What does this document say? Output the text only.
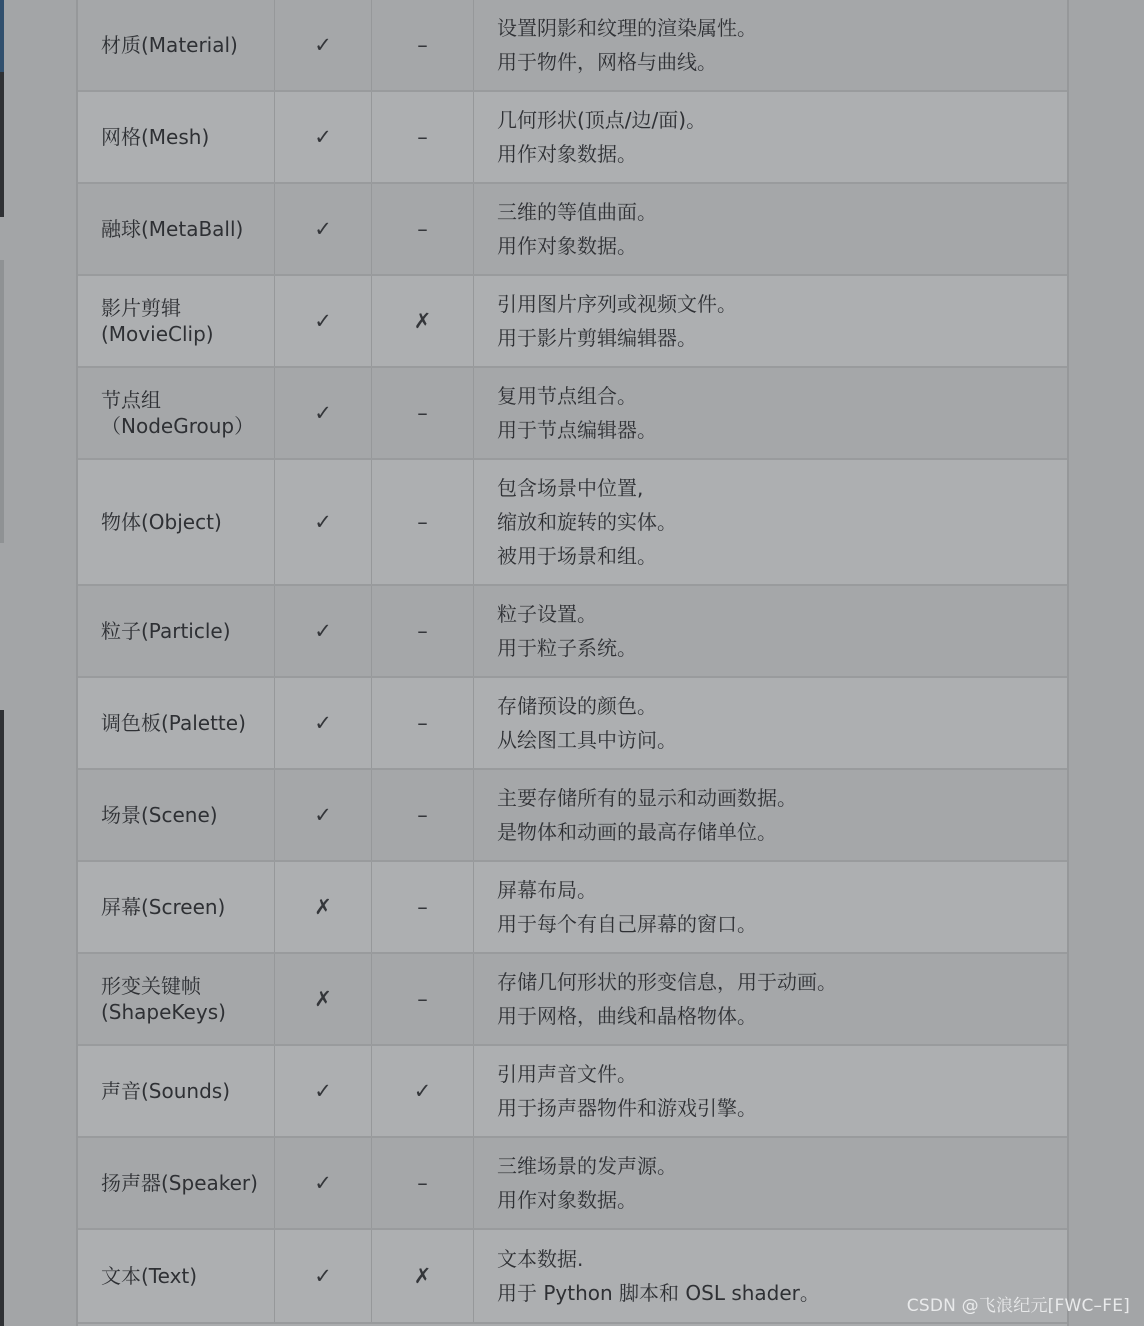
材质(Material)	✓	–
设置阴影和纹理的渲染属性。
用于物件，网格与曲线。
网格(Mesh)	✓	–
几何形状(顶点/边/面)。
用作对象数据。
融球(MetaBall)	✓	–
三维的等值曲面。
用作对象数据。
影片剪辑
(MovieClip)
✓	✗
引用图片序列或视频文件。
用于影片剪辑编辑器。
节点组
（NodeGroup）
✓	–
复用节点组合。
用于节点编辑器。
物体(Object)	✓	–
包含场景中位置,
缩放和旋转的实体。
被用于场景和组。
粒子(Particle)	✓	–
粒子设置。
用于粒子系统。
调色板(Palette)	✓	–
存储预设的颜色。
从绘图工具中访问。
场景(Scene)	✓	–
主要存储所有的显示和动画数据。
是物体和动画的最高存储单位。
屏幕(Screen)	✗	–
屏幕布局。
用于每个有自己屏幕的窗口。
形变关键帧
(ShapeKeys)
✗	–
存储几何形状的形变信息，用于动画。
用于网格，曲线和晶格物体。
声音(Sounds)	✓	✓
引用声音文件。
用于扬声器物件和游戏引擎。
扬声器(Speaker)	✓	–
三维场景的发声源。
用作对象数据。
文本(Text)	✓	✗
文本数据.
用于 Python 脚本和 OSL shader。
CSDN @飞浪纪元[FWC–FE]
